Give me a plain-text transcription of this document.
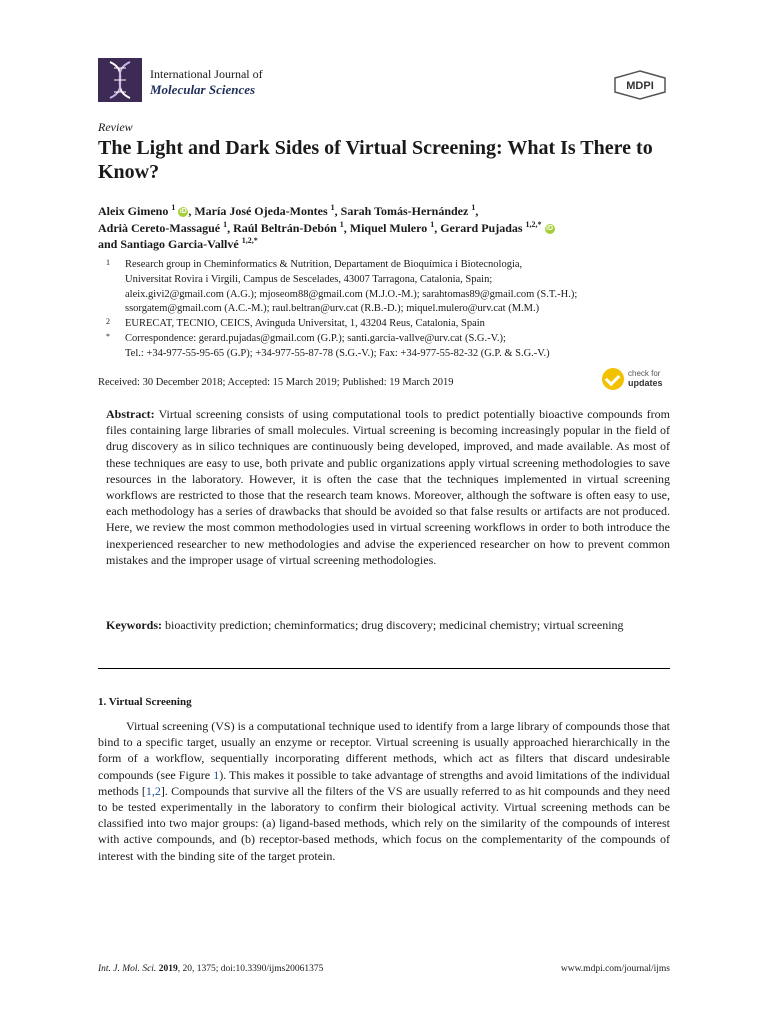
International Journal of
Molecular Sciences	MDPI
Review
The Light and Dark Sides of Virtual Screening: What Is There to Know?
Aleix Gimeno $^1$ iD , María José Ojeda-Montes $^1$, Sarah Tomás-Hernández $^1$,
Adrià Cereto-Massagué $^1$, Raúl Beltrán-Debón $^1$, Miquel Mulero $^1$, Gerard Pujadas $^{1,2,*}$ iD
and Santiago Garcia-Vallvé $^{1,2,*}$
1 Research group in Cheminformatics & Nutrition, Departament de Bioquímica i Biotecnologia,
Universitat Rovira i Virgili, Campus de Sescelades, 43007 Tarragona, Catalonia, Spain;
aleix.givi2@gmail.com (A.G.); mjoseom88@gmail.com (M.J.O.-M.); sarahtomas89@gmail.com (S.T.-H.);
ssorgatem@gmail.com (A.C.-M.); raul.beltran@urv.cat (R.B.-D.); miquel.mulero@urv.cat (M.M.)
2 EURECAT, TECNIO, CEICS, Avinguda Universitat, 1, 43204 Reus, Catalonia, Spain
* Correspondence: gerard.pujadas@gmail.com (G.P.); santi.garcia-vallve@urv.cat (S.G.-V.);
Tel.: +34-977-55-95-65 (G.P); +34-977-55-87-78 (S.G.-V.); Fax: +34-977-55-82-32 (G.P. & S.G.-V.)
Received: 30 December 2018; Accepted: 15 March 2019; Published: 19 March 2019
check for
updates
Abstract: Virtual screening consists of using computational tools to predict potentially bioactive compounds from files containing large libraries of small molecules. Virtual screening is becoming increasingly popular in the field of drug discovery as in silico techniques are continuously being developed, improved, and made available. As most of these techniques are easy to use, both private and public organizations apply virtual screening methodologies to save resources in the laboratory. However, it is often the case that the techniques implemented in virtual screening workflows are restricted to those that the research team knows. Moreover, although the software is often easy to use, each methodology has a series of drawbacks that should be avoided so that false results or artifacts are not produced. Here, we review the most common methodologies used in virtual screening workflows in order to both introduce the inexperienced researcher to new methodologies and advise the experienced researcher on how to prevent common mistakes and the improper usage of virtual screening methodologies.
Keywords: bioactivity prediction; cheminformatics; drug discovery; medicinal chemistry; virtual screening
1. Virtual Screening
Virtual screening (VS) is a computational technique used to identify from a large library of compounds those that bind to a specific target, usually an enzyme or receptor. Virtual screening is usually approached hierarchically in the form of a workflow, sequentially incorporating different methods, which act as filters that discard undesirable compounds (see Figure 1). This makes it possible to take advantage of strengths and avoid limitations of the individual methods [1,2]. Compounds that survive all the filters of the VS are usually referred to as hit compounds and they need to be tested experimentally in the laboratory to confirm their biological activity. Virtual screening methods can be classified into two major groups: (a) ligand-based methods, which rely on the similarity of the compounds of interest with active compounds, and (b) receptor-based methods, which focus on the complementarity of the compounds of interest with the binding site of the target protein.
Int. J. Mol. Sci. 2019, 20, 1375; doi:10.3390/ijms20061375	www.mdpi.com/journal/ijms
